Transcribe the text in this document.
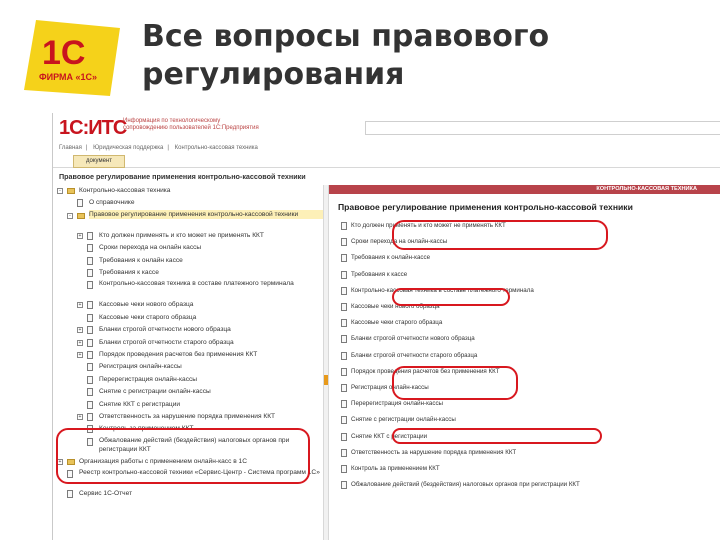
1С
ФИРМА «1С»
Все вопросы правового регулирования
1С:ИТС
Информация по технологическому сопровождению пользователей 1С:Предприятия
Главная | Юридическая поддержка | Контрольно-кассовая техника
документ
Правовое регулирование применения контрольно-кассовой техники
-	Контрольно-кассовая техника
О справочнике
-	Правовое регулирование применения контрольно-кассовой техники
+	Кто должен применять и кто может не применять ККТ
Сроки перехода на онлайн кассы
Требования к онлайн кассе
Требования к кассе
Контрольно-кассовая техника в составе платежного терминала
+	Кассовые чеки нового образца
Кассовые чеки старого образца
+	Бланки строгой отчетности нового образца
+	Бланки строгой отчетности старого образца
+	Порядок проведения расчетов без применения ККТ
Регистрация онлайн-кассы
Перерегистрация онлайн-кассы
Снятие с регистрации онлайн-кассы
Снятие ККТ с регистрации
+	Ответственность за нарушение порядка применения ККТ
Контроль за применением ККТ
Обжалование действий (бездействия) налоговых органов при регистрации ККТ
+	Организация работы с применением онлайн-касс в 1С
Реестр контрольно-кассовой техники «Сервис-Центр - Система программ 1С»
Сервис 1С-Отчет
КОНТРОЛЬНО-КАССОВАЯ ТЕХНИКА
Правовое регулирование применения контрольно-кассовой техники
Кто должен применять и кто может не применять ККТ
Сроки перехода на онлайн-кассы
Требования к онлайн-кассе
Требования к кассе
Контрольно-кассовая техника в составе платежного терминала
Кассовые чеки нового образца
Кассовые чеки старого образца
Бланки строгой отчетности нового образца
Бланки строгой отчетности старого образца
Порядок проведения расчетов без применения ККТ
Регистрация онлайн-кассы
Перерегистрация онлайн-кассы
Снятие с регистрации онлайн-кассы
Снятие ККТ с регистрации
Ответственность за нарушение порядка применения ККТ
Контроль за применением ККТ
Обжалование действий (бездействия) налоговых органов при регистрации ККТ
